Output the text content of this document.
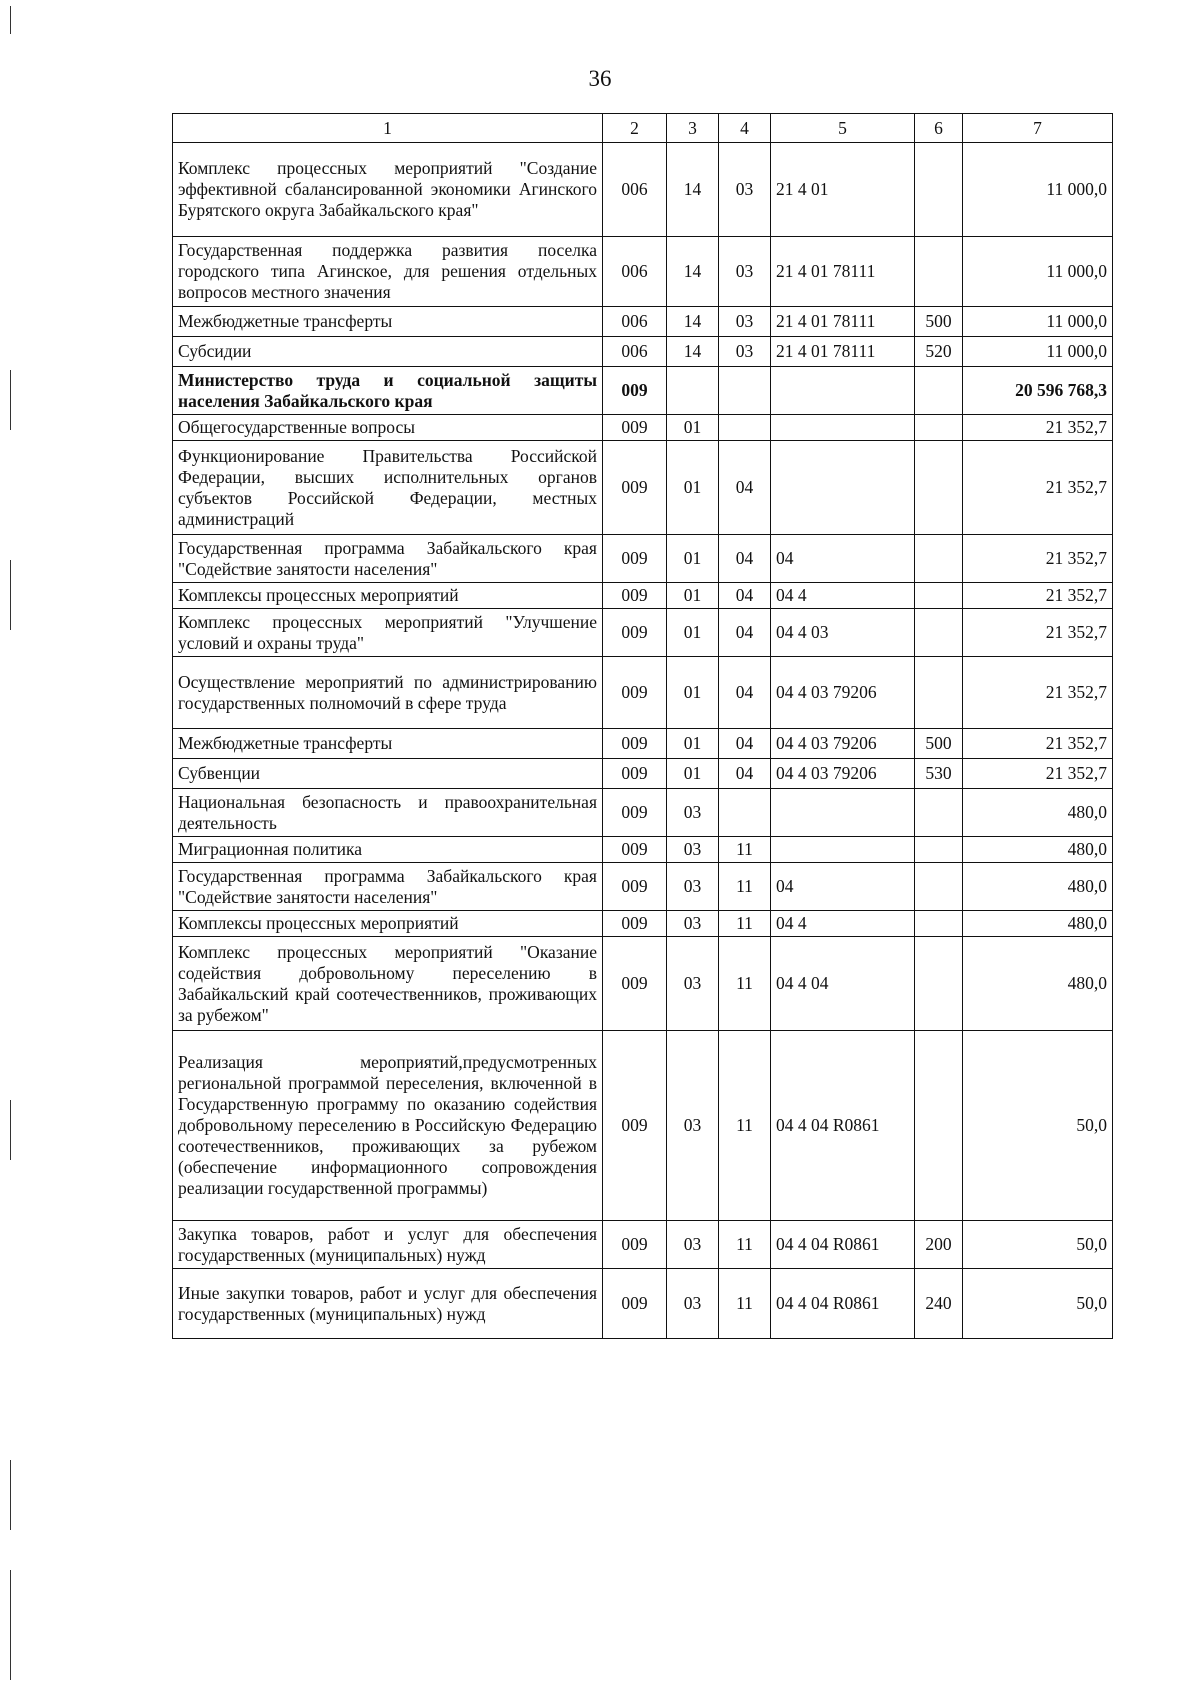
36
1	2	3	4	5	6	7
Комплекс процессных мероприятий "Создание эффективной сбалансированной экономики Агинского Бурятского округа Забайкальского края"	006	14	03	21 4 01		11 000,0
Государственная поддержка развития поселка городского типа Агинское, для решения отдельных вопросов местного значения	006	14	03	21 4 01 78111		11 000,0
Межбюджетные трансферты	006	14	03	21 4 01 78111	500	11 000,0
Субсидии	006	14	03	21 4 01 78111	520	11 000,0
Министерство труда и социальной защиты населения Забайкальского края	009					20 596 768,3
Общегосударственные вопросы	009	01				21 352,7
Функционирование Правительства Российской Федерации, высших исполнительных органов субъектов Российской Федерации, местных администраций	009	01	04			21 352,7
Государственная программа Забайкальского края "Содействие занятости населения"	009	01	04	04		21 352,7
Комплексы процессных мероприятий	009	01	04	04 4		21 352,7
Комплекс процессных мероприятий "Улучшение условий и охраны труда"	009	01	04	04 4 03		21 352,7
Осуществление мероприятий по администрированию государственных полномочий в сфере труда	009	01	04	04 4 03 79206		21 352,7
Межбюджетные трансферты	009	01	04	04 4 03 79206	500	21 352,7
Субвенции	009	01	04	04 4 03 79206	530	21 352,7
Национальная безопасность и правоохранительная деятельность	009	03				480,0
Миграционная политика	009	03	11			480,0
Государственная программа Забайкальского края "Содействие занятости населения"	009	03	11	04		480,0
Комплексы процессных мероприятий	009	03	11	04 4		480,0
Комплекс процессных мероприятий "Оказание содействия добровольному переселению в Забайкальский край соотечественников, проживающих за рубежом"	009	03	11	04 4 04		480,0
Реализация мероприятий,предусмотренных региональной программой переселения, включенной в Государственную программу по оказанию содействия добровольному переселению в Российскую Федерацию соотечественников, проживающих за рубежом (обеспечение информационного сопровождения реализации государственной программы)	009	03	11	04 4 04 R0861		50,0
Закупка товаров, работ и услуг для обеспечения государственных (муниципальных) нужд	009	03	11	04 4 04 R0861	200	50,0
Иные закупки товаров, работ и услуг для обеспечения государственных (муниципальных) нужд	009	03	11	04 4 04 R0861	240	50,0
